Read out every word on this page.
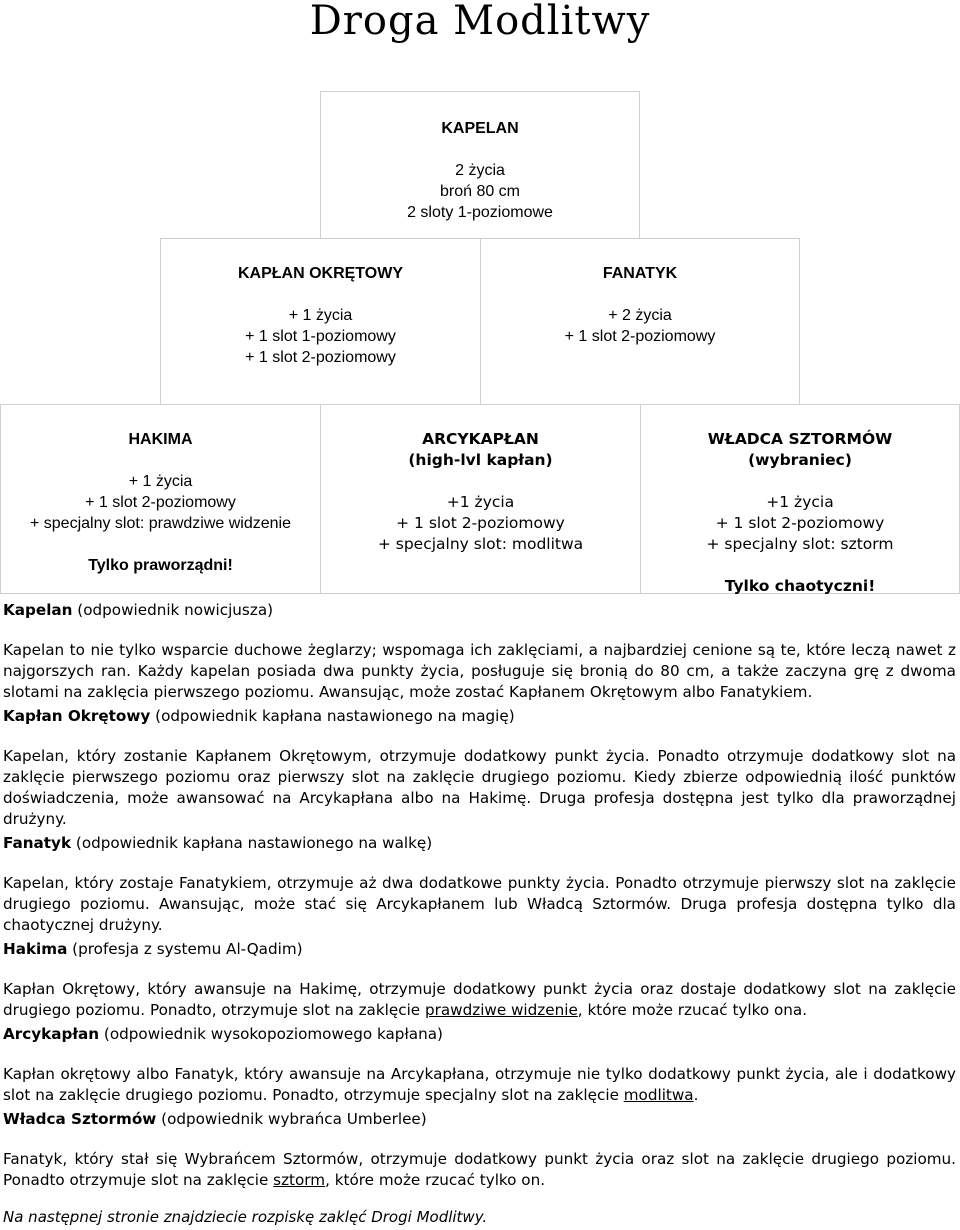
Droga Modlitwy
KAPELAN
2 życia
broń 80 cm
2 sloty 1-poziomowe
KAPŁAN OKRĘTOWY
+ 1 życia
+ 1 slot 1-poziomowy
+ 1 slot 2-poziomowy
FANATYK
+ 2 życia
+ 1 slot 2-poziomowy
HAKIMA
+ 1 życia
+ 1 slot 2-poziomowy
+ specjalny slot: prawdziwe widzenie
Tylko praworządni!
ARCYKAPŁAN
(high-lvl kapłan)
+1 życia
+ 1 slot 2-poziomowy
+ specjalny slot: modlitwa
WŁADCA SZTORMÓW
(wybraniec)
+1 życia
+ 1 slot 2-poziomowy
+ specjalny slot: sztorm
Tylko chaotyczni!
Kapelan (odpowiednik nowicjusza)

Kapelan to nie tylko wsparcie duchowe żeglarzy; wspomaga ich zaklęciami, a najbardziej cenione są te, które leczą nawet z najgorszych ran. Każdy kapelan posiada dwa punkty życia, posługuje się bronią do 80 cm, a także zaczyna grę z dwoma slotami na zaklęcia pierwszego poziomu. Awansując, może zostać Kapłanem Okrętowym albo Fanatykiem.

Kapłan Okrętowy (odpowiednik kapłana nastawionego na magię)

Kapelan, który zostanie Kapłanem Okrętowym, otrzymuje dodatkowy punkt życia. Ponadto otrzymuje dodatkowy slot na zaklęcie pierwszego poziomu oraz pierwszy slot na zaklęcie drugiego poziomu. Kiedy zbierze odpowiednią ilość punktów doświadczenia, może awansować na Arcykapłana albo na Hakimę. Druga profesja dostępna jest tylko dla praworządnej drużyny.

Fanatyk (odpowiednik kapłana nastawionego na walkę)

Kapelan, który zostaje Fanatykiem, otrzymuje aż dwa dodatkowe punkty życia. Ponadto otrzymuje pierwszy slot na zaklęcie drugiego poziomu. Awansując, może stać się Arcykapłanem lub Władcą Sztormów. Druga profesja dostępna tylko dla chaotycznej drużyny.

Hakima (profesja z systemu Al-Qadim)

Kapłan Okrętowy, który awansuje na Hakimę, otrzymuje dodatkowy punkt życia oraz dostaje dodatkowy slot na zaklęcie drugiego poziomu. Ponadto, otrzymuje slot na zaklęcie prawdziwe widzenie, które może rzucać tylko ona.

Arcykapłan (odpowiednik wysokopoziomowego kapłana)

Kapłan okrętowy albo Fanatyk, który awansuje na Arcykapłana, otrzymuje nie tylko dodatkowy punkt życia, ale i dodatkowy slot na zaklęcie drugiego poziomu. Ponadto, otrzymuje specjalny slot na zaklęcie modlitwa.

Władca Sztormów (odpowiednik wybrańca Umberlee)

Fanatyk, który stał się Wybrańcem Sztormów, otrzymuje dodatkowy punkt życia oraz slot na zaklęcie drugiego poziomu. Ponadto otrzymuje slot na zaklęcie sztorm, które może rzucać tylko on.

Na następnej stronie znajdziecie rozpiskę zaklęć Drogi Modlitwy.
